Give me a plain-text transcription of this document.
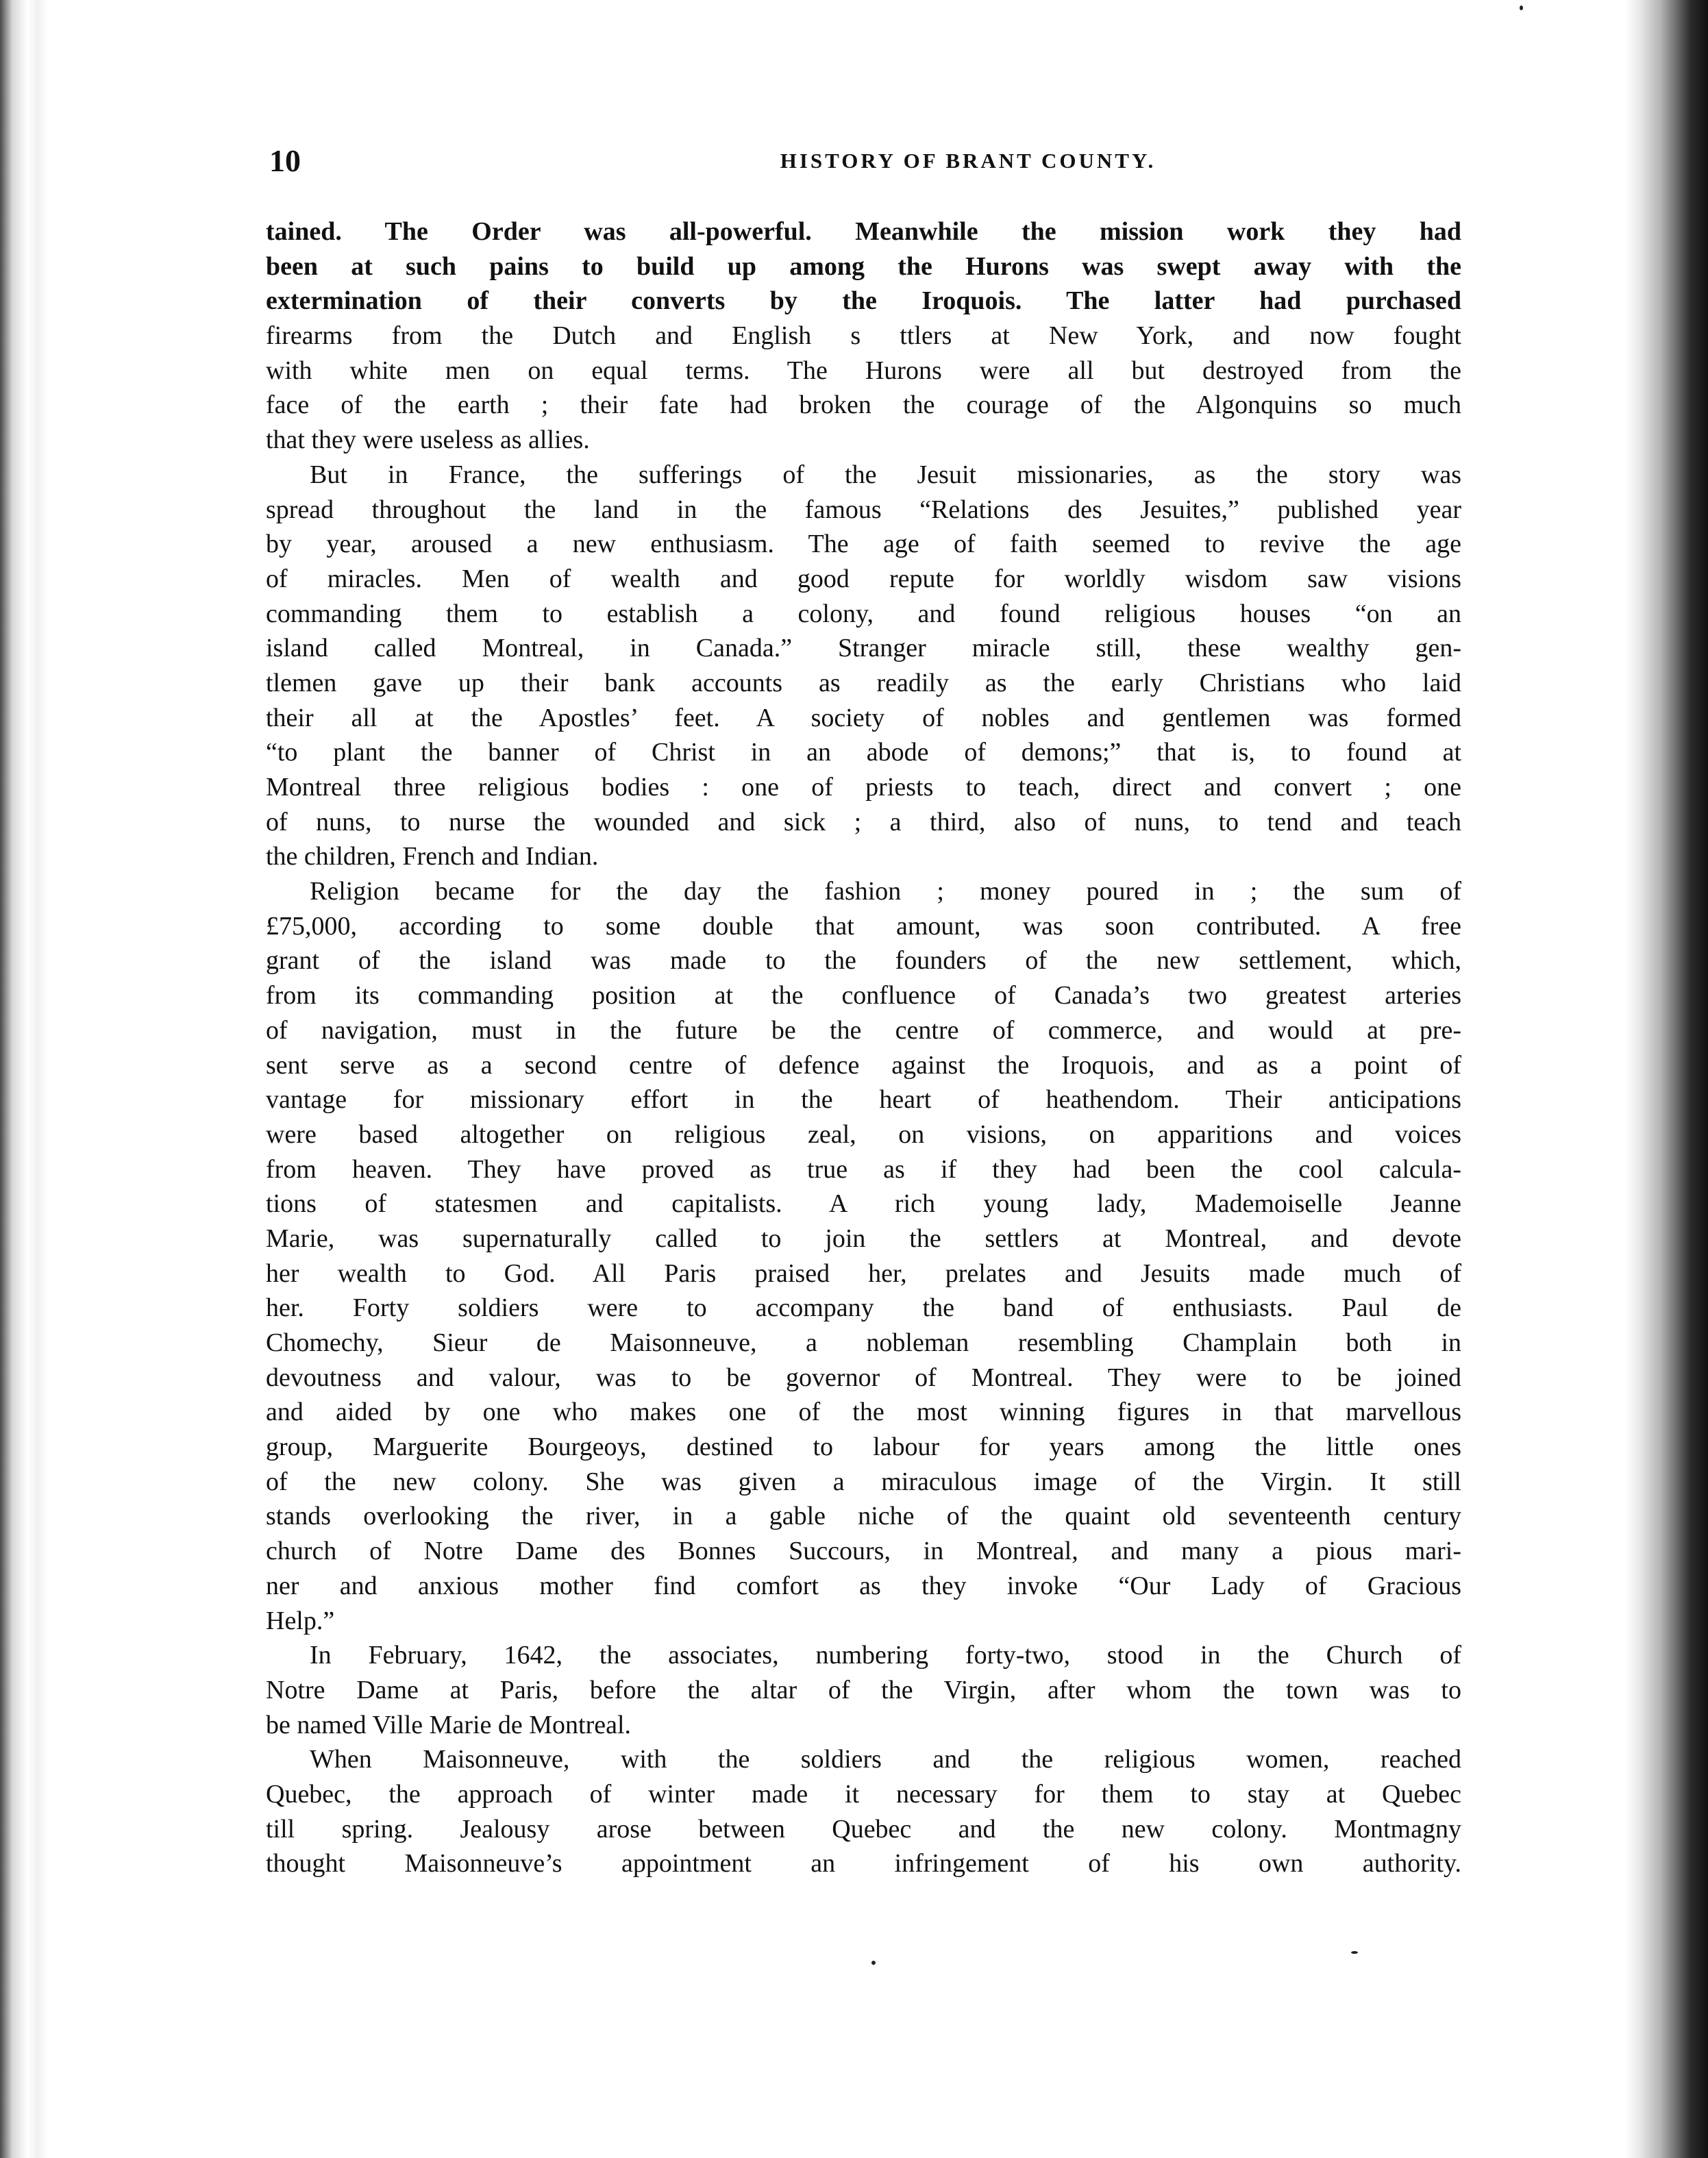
10	HISTORY OF BRANT COUNTY.
tained. The Order was all-powerful. Meanwhile the mission work they had
been at such pains to build up among the Hurons was swept away with the
extermination of their converts by the Iroquois. The latter had purchased
firearms from the Dutch and English s ttlers at New York, and now fought
with white men on equal terms. The Hurons were all but destroyed from the
face of the earth ; their fate had broken the courage of the Algonquins so much
that they were useless as allies.
But in France, the sufferings of the Jesuit missionaries, as the story was
spread throughout the land in the famous “Relations des Jesuites,” published year
by year, aroused a new enthusiasm. The age of faith seemed to revive the age
of miracles. Men of wealth and good repute for worldly wisdom saw visions
commanding them to establish a colony, and found religious houses “on an
island called Montreal, in Canada.” Stranger miracle still, these wealthy gen-
tlemen gave up their bank accounts as readily as the early Christians who laid
their all at the Apostles’ feet. A society of nobles and gentlemen was formed
“to plant the banner of Christ in an abode of demons;” that is, to found at
Montreal three religious bodies : one of priests to teach, direct and convert ; one
of nuns, to nurse the wounded and sick ; a third, also of nuns, to tend and teach
the children, French and Indian.
Religion became for the day the fashion ; money poured in ; the sum of
£75,000, according to some double that amount, was soon contributed. A free
grant of the island was made to the founders of the new settlement, which,
from its commanding position at the confluence of Canada’s two greatest arteries
of navigation, must in the future be the centre of commerce, and would at pre-
sent serve as a second centre of defence against the Iroquois, and as a point of
vantage for missionary effort in the heart of heathendom. Their anticipations
were based altogether on religious zeal, on visions, on apparitions and voices
from heaven. They have proved as true as if they had been the cool calcula-
tions of statesmen and capitalists. A rich young lady, Mademoiselle Jeanne
Marie, was supernaturally called to join the settlers at Montreal, and devote
her wealth to God. All Paris praised her, prelates and Jesuits made much of
her. Forty soldiers were to accompany the band of enthusiasts. Paul de
Chomechy, Sieur de Maisonneuve, a nobleman resembling Champlain both in
devoutness and valour, was to be governor of Montreal. They were to be joined
and aided by one who makes one of the most winning figures in that marvellous
group, Marguerite Bourgeoys, destined to labour for years among the little ones
of the new colony. She was given a miraculous image of the Virgin. It still
stands overlooking the river, in a gable niche of the quaint old seventeenth century
church of Notre Dame des Bonnes Succours, in Montreal, and many a pious mari-
ner and anxious mother find comfort as they invoke “Our Lady of Gracious
Help.”
In February, 1642, the associates, numbering forty-two, stood in the Church of
Notre Dame at Paris, before the altar of the Virgin, after whom the town was to
be named Ville Marie de Montreal.
When Maisonneuve, with the soldiers and the religious women, reached
Quebec, the approach of winter made it necessary for them to stay at Quebec
till spring. Jealousy arose between Quebec and the new colony. Montmagny
thought Maisonneuve’s appointment an infringement of his own authority.
